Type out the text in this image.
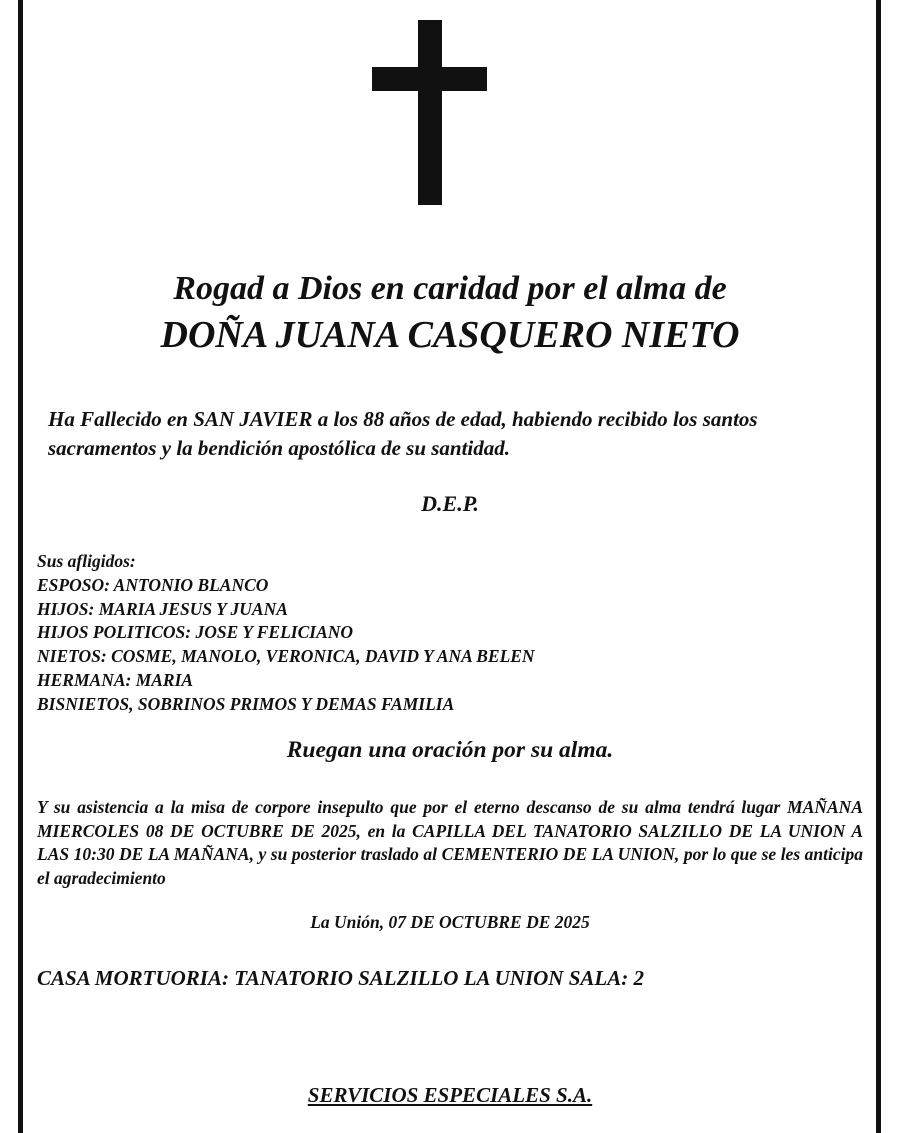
Rogad a Dios en caridad por el alma de
DOÑA JUANA CASQUERO NIETO

Ha Fallecido en SAN JAVIER a los 88 años de edad, habiendo recibido los santos sacramentos y la bendición apostólica de su santidad.

D.E.P.
Sus afligidos:
ESPOSO: ANTONIO BLANCO
HIJOS: MARIA JESUS Y JUANA
HIJOS POLITICOS: JOSE Y FELICIANO
NIETOS: COSME, MANOLO, VERONICA, DAVID Y ANA BELEN
HERMANA: MARIA
BISNIETOS, SOBRINOS PRIMOS Y DEMAS FAMILIA
Ruegan una oración por su alma.

Y su asistencia a la misa de corpore insepulto que por el eterno descanso de su alma tendrá lugar MAÑANA MIERCOLES 08 DE OCTUBRE DE 2025, en la CAPILLA DEL TANATORIO SALZILLO DE LA UNION A LAS 10:30 DE LA MAÑANA, y su posterior traslado al CEMENTERIO DE LA UNION, por lo que se les anticipa el agradecimiento

La Unión, 07 DE OCTUBRE DE 2025
CASA MORTUORIA: TANATORIO SALZILLO LA UNION SALA: 2
SERVICIOS ESPECIALES S.A.
